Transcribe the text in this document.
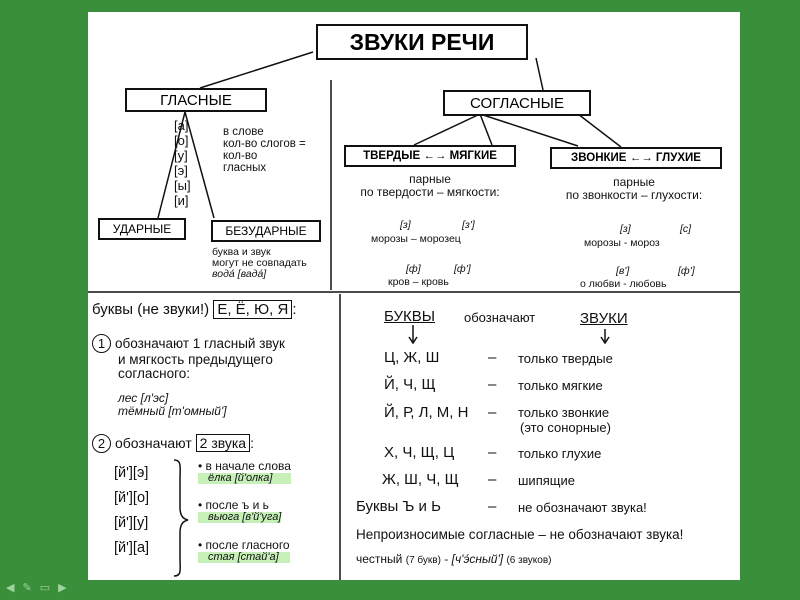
ЗВУКИ РЕЧИ
ГЛАСНЫЕ
[а]
[о]
[у]
[э]
[ы]
[и]
в слове
кол-во слогов =
кол-во
гласных
УДАРНЫЕ	БЕЗУДАРНЫЕ
буква и звук
могут не совпадать
вода́ [вада́]
СОГЛАСНЫЕ
ТВЕРДЫЕ
←→
МЯГКИЕ	ЗВОНКИЕ
←→
ГЛУХИЕ
парные
по твердости – мягкости:
[з]	[з']
морозы – морозец
[ф]	[ф']
кров – кровь
парные
по звонкости – глухости:
[з]	[с]
морозы - мороз
[в']	[ф']
о любви - любовь
буквы (не звуки!) Е, Ё, Ю, Я :
1 обозначают 1 гласный звук
и мягкость предыдущего
согласного:
лес [л'эс]
тёмный [т'омный']
2 обозначают 2 звука :
[й'][э]
[й'][о]
[й'][у]
[й'][а]
• в начале слова
ёлка [й'олка]
• после ъ и ь
вьюга [в'й'уга]
• после гласного
стая [стай'а]
БУКВЫ обозначают	ЗВУКИ
Ц, Ж, Ш	– только твердые
Й, Ч, Щ	– только мягкие
Й, Р, Л, М, Н – только звонкие
(это сонорные)
Х, Ч, Щ, Ц – только глухие
Ж, Ш, Ч, Щ – шипящие
Буквы Ъ и Ь	– не обозначают звука!
Непроизносимые согласные – не обозначают звука!
честный (7 букв) - [ч'э́сный'] (6 звуков)
◀ ✎ ▭ ▶
